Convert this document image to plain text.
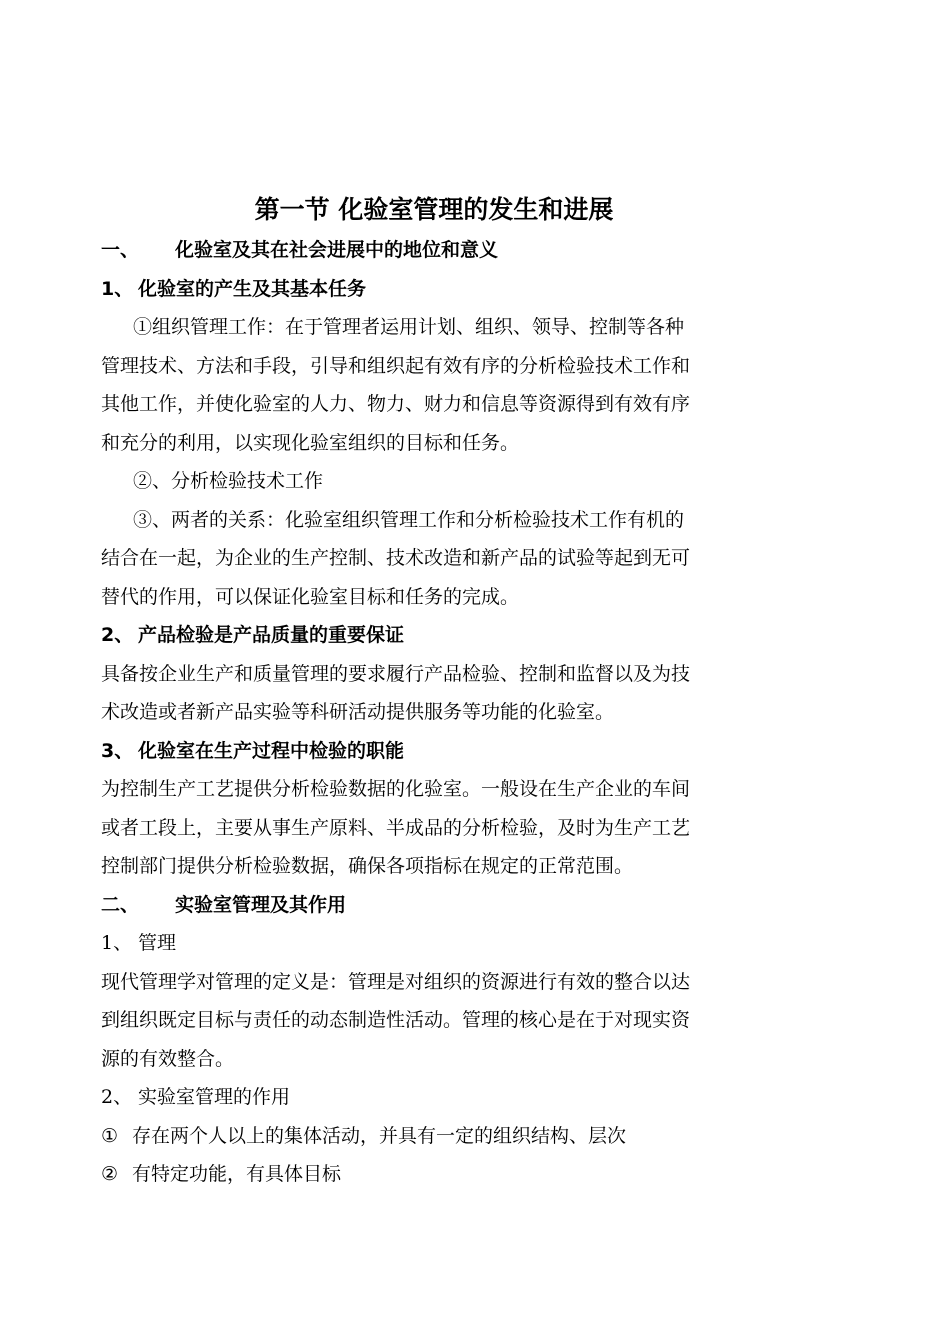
第一节 化验室管理的发生和进展
一、 化验室及其在社会进展中的地位和意义
1、 化验室的产生及其基本任务
①组织管理工作：在于管理者运用计划、组织、领导、控制等各种
管理技术、方法和手段，引导和组织起有效有序的分析检验技术工作和
其他工作，并使化验室的人力、物力、财力和信息等资源得到有效有序
和充分的利用，以实现化验室组织的目标和任务。
②、分析检验技术工作
③、两者的关系：化验室组织管理工作和分析检验技术工作有机的
结合在一起，为企业的生产控制、技术改造和新产品的试验等起到无可
替代的作用，可以保证化验室目标和任务的完成。
2、 产品检验是产品质量的重要保证
具备按企业生产和质量管理的要求履行产品检验、控制和监督以及为技
术改造或者新产品实验等科研活动提供服务等功能的化验室。
3、 化验室在生产过程中检验的职能
为控制生产工艺提供分析检验数据的化验室。一般设在生产企业的车间
或者工段上，主要从事生产原料、半成品的分析检验，及时为生产工艺
控制部门提供分析检验数据，确保各项指标在规定的正常范围。
二、 实验室管理及其作用
1、 管理
现代管理学对管理的定义是：管理是对组织的资源进行有效的整合以达
到组织既定目标与责任的动态制造性活动。管理的核心是在于对现实资
源的有效整合。
2、 实验室管理的作用
① 存在两个人以上的集体活动，并具有一定的组织结构、层次
② 有特定功能，有具体目标
